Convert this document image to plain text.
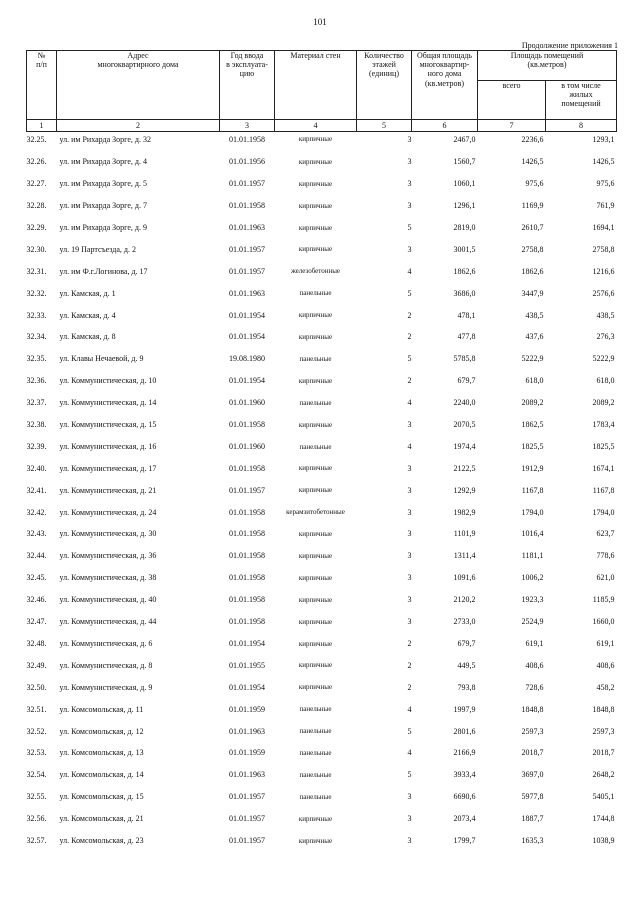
101
Продолжение приложения 1
№
п/п	Адрес
многоквартирного дома	Год ввода
в эксплуата-
цию	Материал стен	Количество
этажей
(единиц)	Общая площадь
многоквартир-
ного дома
(кв.метров)	Площадь помещений
(кв.метров)	
						всего	в том числе
жилых
помещений
1	2	3	4	5	6	7	8
32.25.	ул. им Рихарда Зорге, д. 32	01.01.1958	кирпичные	3	2467,0	2236,6	1293,1
32.26.	ул. им Рихарда Зорге, д. 4	01.01.1956	кирпичные	3	1560,7	1426,5	1426,5
32.27.	ул. им Рихарда Зорге, д. 5	01.01.1957	кирпичные	3	1060,1	975,6	975,6
32.28.	ул. им Рихарда Зорге, д. 7	01.01.1958	кирпичные	3	1296,1	1169,9	761,9
32.29.	ул. им Рихарда Зорге, д. 9	01.01.1963	кирпичные	5	2819,0	2610,7	1694,1
32.30.	ул. 19 Партсъезда, д. 2	01.01.1957	кирпичные	3	3001,5	2758,8	2758,8
32.31.	ул. им Ф.г.Логинова, д. 17	01.01.1957	железобетонные	4	1862,6	1862,6	1216,6
32.32.	ул. Камская, д. 1	01.01.1963	панельные	5	3686,0	3447,9	2576,6
32.33.	ул. Камская, д. 4	01.01.1954	кирпичные	2	478,1	438,5	438,5
32.34.	ул. Камская, д. 8	01.01.1954	кирпичные	2	477,8	437,6	276,3
32.35.	ул. Клавы Нечаевой, д. 9	19.08.1980	панельные	5	5785,8	5222,9	5222,9
32.36.	ул. Коммунистическая, д. 10	01.01.1954	кирпичные	2	679,7	618,0	618,0
32.37.	ул. Коммунистическая, д. 14	01.01.1960	панельные	4	2240,0	2089,2	2089,2
32.38.	ул. Коммунистическая, д. 15	01.01.1958	кирпичные	3	2070,5	1862,5	1783,4
32.39.	ул. Коммунистическая, д. 16	01.01.1960	панельные	4	1974,4	1825,5	1825,5
32.40.	ул. Коммунистическая, д. 17	01.01.1958	кирпичные	3	2122,5	1912,9	1674,1
32.41.	ул. Коммунистическая, д. 21	01.01.1957	кирпичные	3	1292,9	1167,8	1167,8
32.42.	ул. Коммунистическая, д. 24	01.01.1958	керамзитобетонные	3	1982,9	1794,0	1794,0
32.43.	ул. Коммунистическая, д. 30	01.01.1958	кирпичные	3	1101,9	1016,4	623,7
32.44.	ул. Коммунистическая, д. 36	01.01.1958	кирпичные	3	1311,4	1181,1	778,6
32.45.	ул. Коммунистическая, д. 38	01.01.1958	кирпичные	3	1091,6	1006,2	621,0
32.46.	ул. Коммунистическая, д. 40	01.01.1958	кирпичные	3	2120,2	1923,3	1185,9
32.47.	ул. Коммунистическая, д. 44	01.01.1958	кирпичные	3	2733,0	2524,9	1660,0
32.48.	ул. Коммунистическая, д. 6	01.01.1954	кирпичные	2	679,7	619,1	619,1
32.49.	ул. Коммунистическая, д. 8	01.01.1955	кирпичные	2	449,5	408,6	408,6
32.50.	ул. Коммунистическая, д. 9	01.01.1954	кирпичные	2	793,8	728,6	458,2
32.51.	ул. Комсомольская, д. 11	01.01.1959	панельные	4	1997,9	1848,8	1848,8
32.52.	ул. Комсомольская, д. 12	01.01.1963	панельные	5	2801,6	2597,3	2597,3
32.53.	ул. Комсомольская, д. 13	01.01.1959	панельные	4	2166,9	2018,7	2018,7
32.54.	ул. Комсомольская, д. 14	01.01.1963	панельные	5	3933,4	3697,0	2648,2
32.55.	ул. Комсомольская, д. 15	01.01.1957	панельные	3	6690,6	5977,8	5405,1
32.56.	ул. Комсомольская, д. 21	01.01.1957	кирпичные	3	2073,4	1887,7	1744,8
32.57.	ул. Комсомольская, д. 23	01.01.1957	кирпичные	3	1799,7	1635,3	1038,9
